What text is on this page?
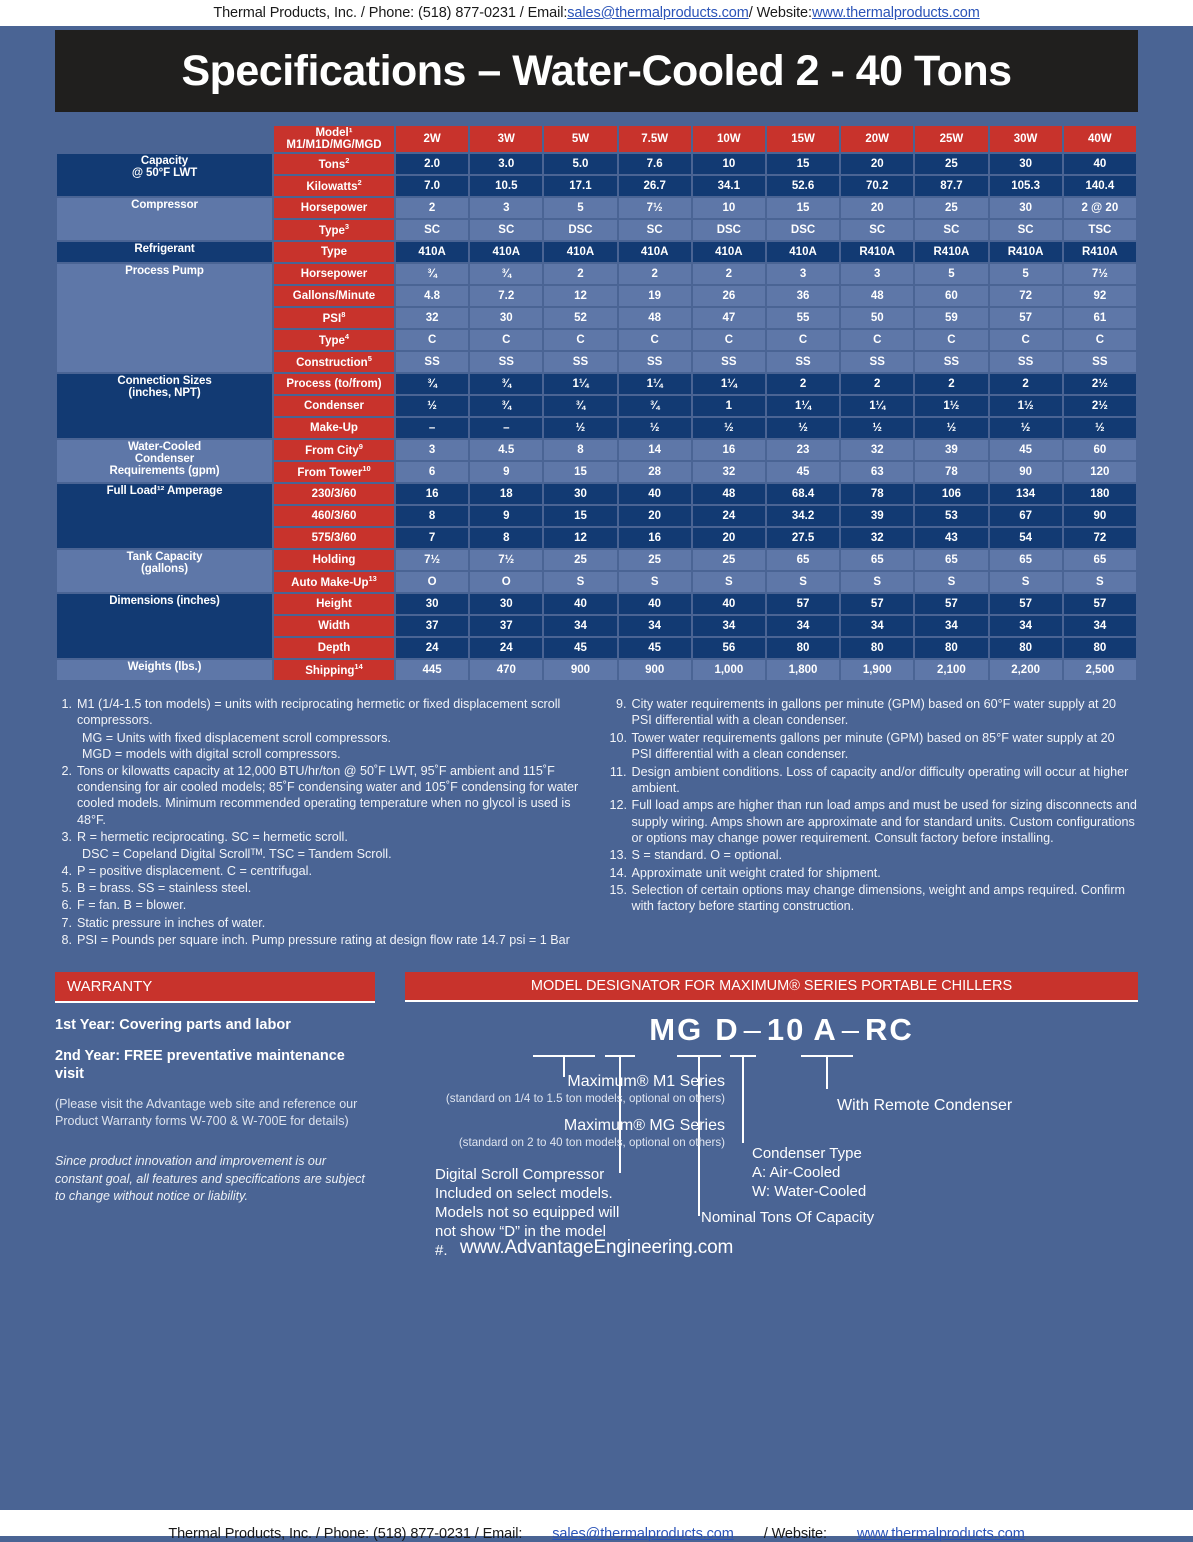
Thermal Products, Inc. / Phone: (518) 877-0231 / Email: sales@thermalproducts.com / Website: www.thermalproducts.com
Specifications – Water-Cooled 2 - 40 Tons
	Model¹ M1/M1D/MG/MGD	2W	3W	5W	7.5W	10W	15W	20W	25W	30W	40W

Capacity
@ 50°F LWT	Tons$^2$	2.0	3.0	5.0	7.6	10	15	20	25	30	40
	Kilowatts$^2$	7.0	10.5	17.1	26.7	34.1	52.6	70.2	87.7	105.3	140.4

Compressor	Horsepower	2	3	5	7½	10	15	20	25	30	2 @ 20
	Type$^3$	SC	SC	DSC	SC	DSC	DSC	SC	SC	SC	TSC

Refrigerant	Type	410A	410A	410A	410A	410A	410A	R410A	R410A	R410A	R410A

Process Pump	Horsepower	¾	¾	2	2	2	3	3	5	5	7½
	Gallons/Minute	4.8	7.2	12	19	26	36	48	60	72	92
	PSI$^8$	32	30	52	48	47	55	50	59	57	61
	Type$^4$	C	C	C	C	C	C	C	C	C	C
	Construction$^5$	SS	SS	SS	SS	SS	SS	SS	SS	SS	SS

Connection Sizes
(inches, NPT)	Process (to/from)	¾	¾	1¼	1¼	1¼	2	2	2	2	2½
	Condenser	½	¾	¾	¾	1	1¼	1¼	1½	1½	2½
	Make-Up	–	–	½	½	½	½	½	½	½	½

Water-Cooled
Condenser
Requirements (gpm)	From City$^9$	3	4.5	8	14	16	23	32	39	45	60
	From Tower$^{10}$	6	9	15	28	32	45	63	78	90	120

Full Load¹² Amperage	230/3/60	16	18	30	40	48	68.4	78	106	134	180
	460/3/60	8	9	15	20	24	34.2	39	53	67	90
	575/3/60	7	8	12	16	20	27.5	32	43	54	72

Tank Capacity
(gallons)	Holding	7½	7½	25	25	25	65	65	65	65	65
	Auto Make-Up$^{13}$	O	O	S	S	S	S	S	S	S	S

Dimensions (inches)	Height	30	30	40	40	40	57	57	57	57	57
	Width	37	37	34	34	34	34	34	34	34	34
	Depth	24	24	45	45	56	80	80	80	80	80

Weights (lbs.)	Shipping$^{14}$	445	470	900	900	1,000	1,800	1,900	2,100	2,200	2,500
1. M1 (1/4-1.5 ton models) = units with reciprocating hermetic or fixed displacement scroll compressors.
MG = Units with fixed displacement scroll compressors.
MGD = models with digital scroll compressors.
2. Tons or kilowatts capacity at 12,000 BTU/hr/ton @ 50˚F LWT, 95˚F ambient and 115˚F condensing for air cooled models; 85˚F condensing water and 105˚F condensing for water cooled models. Minimum recommended operating temperature when no glycol is used is 48°F.
3. R = hermetic reciprocating. SC = hermetic scroll.
DSC = Copeland Digital Scrollᵀᴹ. TSC = Tandem Scroll.
4. P = positive displacement. C = centrifugal.
5. B = brass. SS = stainless steel.
6. F = fan. B = blower.
7. Static pressure in inches of water.
8. PSI = Pounds per square inch. Pump pressure rating at design flow rate 14.7 psi = 1 Bar
9. City water requirements in gallons per minute (GPM) based on 60°F water supply at 20 PSI differential with a clean condenser.
10. Tower water requirements gallons per minute (GPM) based on 85°F water supply at 20 PSI differential with a clean condenser.
11. Design ambient conditions. Loss of capacity and/or difficulty operating will occur at higher ambient.
12. Full load amps are higher than run load amps and must be used for sizing disconnects and supply wiring. Amps shown are approximate and for standard units. Custom configurations or options may change power requirement. Consult factory before installing.
13. S = standard. O = optional.
14. Approximate unit weight crated for shipment.
15. Selection of certain options may change dimensions, weight and amps required. Confirm with factory before starting construction.
WARRANTY
1st Year: Covering parts and labor
2nd Year: FREE preventative maintenance visit
(Please visit the Advantage web site and reference our Product Warranty forms W-700 & W-700E for details)
Since product innovation and improvement is our constant goal, all features and specifications are subject to change without notice or liability.
MODEL DESIGNATOR FOR MAXIMUM® SERIES PORTABLE CHILLERS
MG D – 10 A – RC
Maximum® M1 Series
(standard on 1/4 to 1.5 ton models, optional on others)
Maximum® MG Series
(standard on 2 to 40 ton models, optional on others)
Digital Scroll Compressor Included on select models. Models not so equipped will not show “D” in the model #.
With Remote Condenser
Condenser Type
A: Air-Cooled
W: Water-Cooled
Nominal Tons Of Capacity
www.AdvantageEngineering.com
Thermal Products, Inc. / Phone: (518) 877-0231 / Email: sales@thermalproducts.com / Website: www.thermalproducts.com
